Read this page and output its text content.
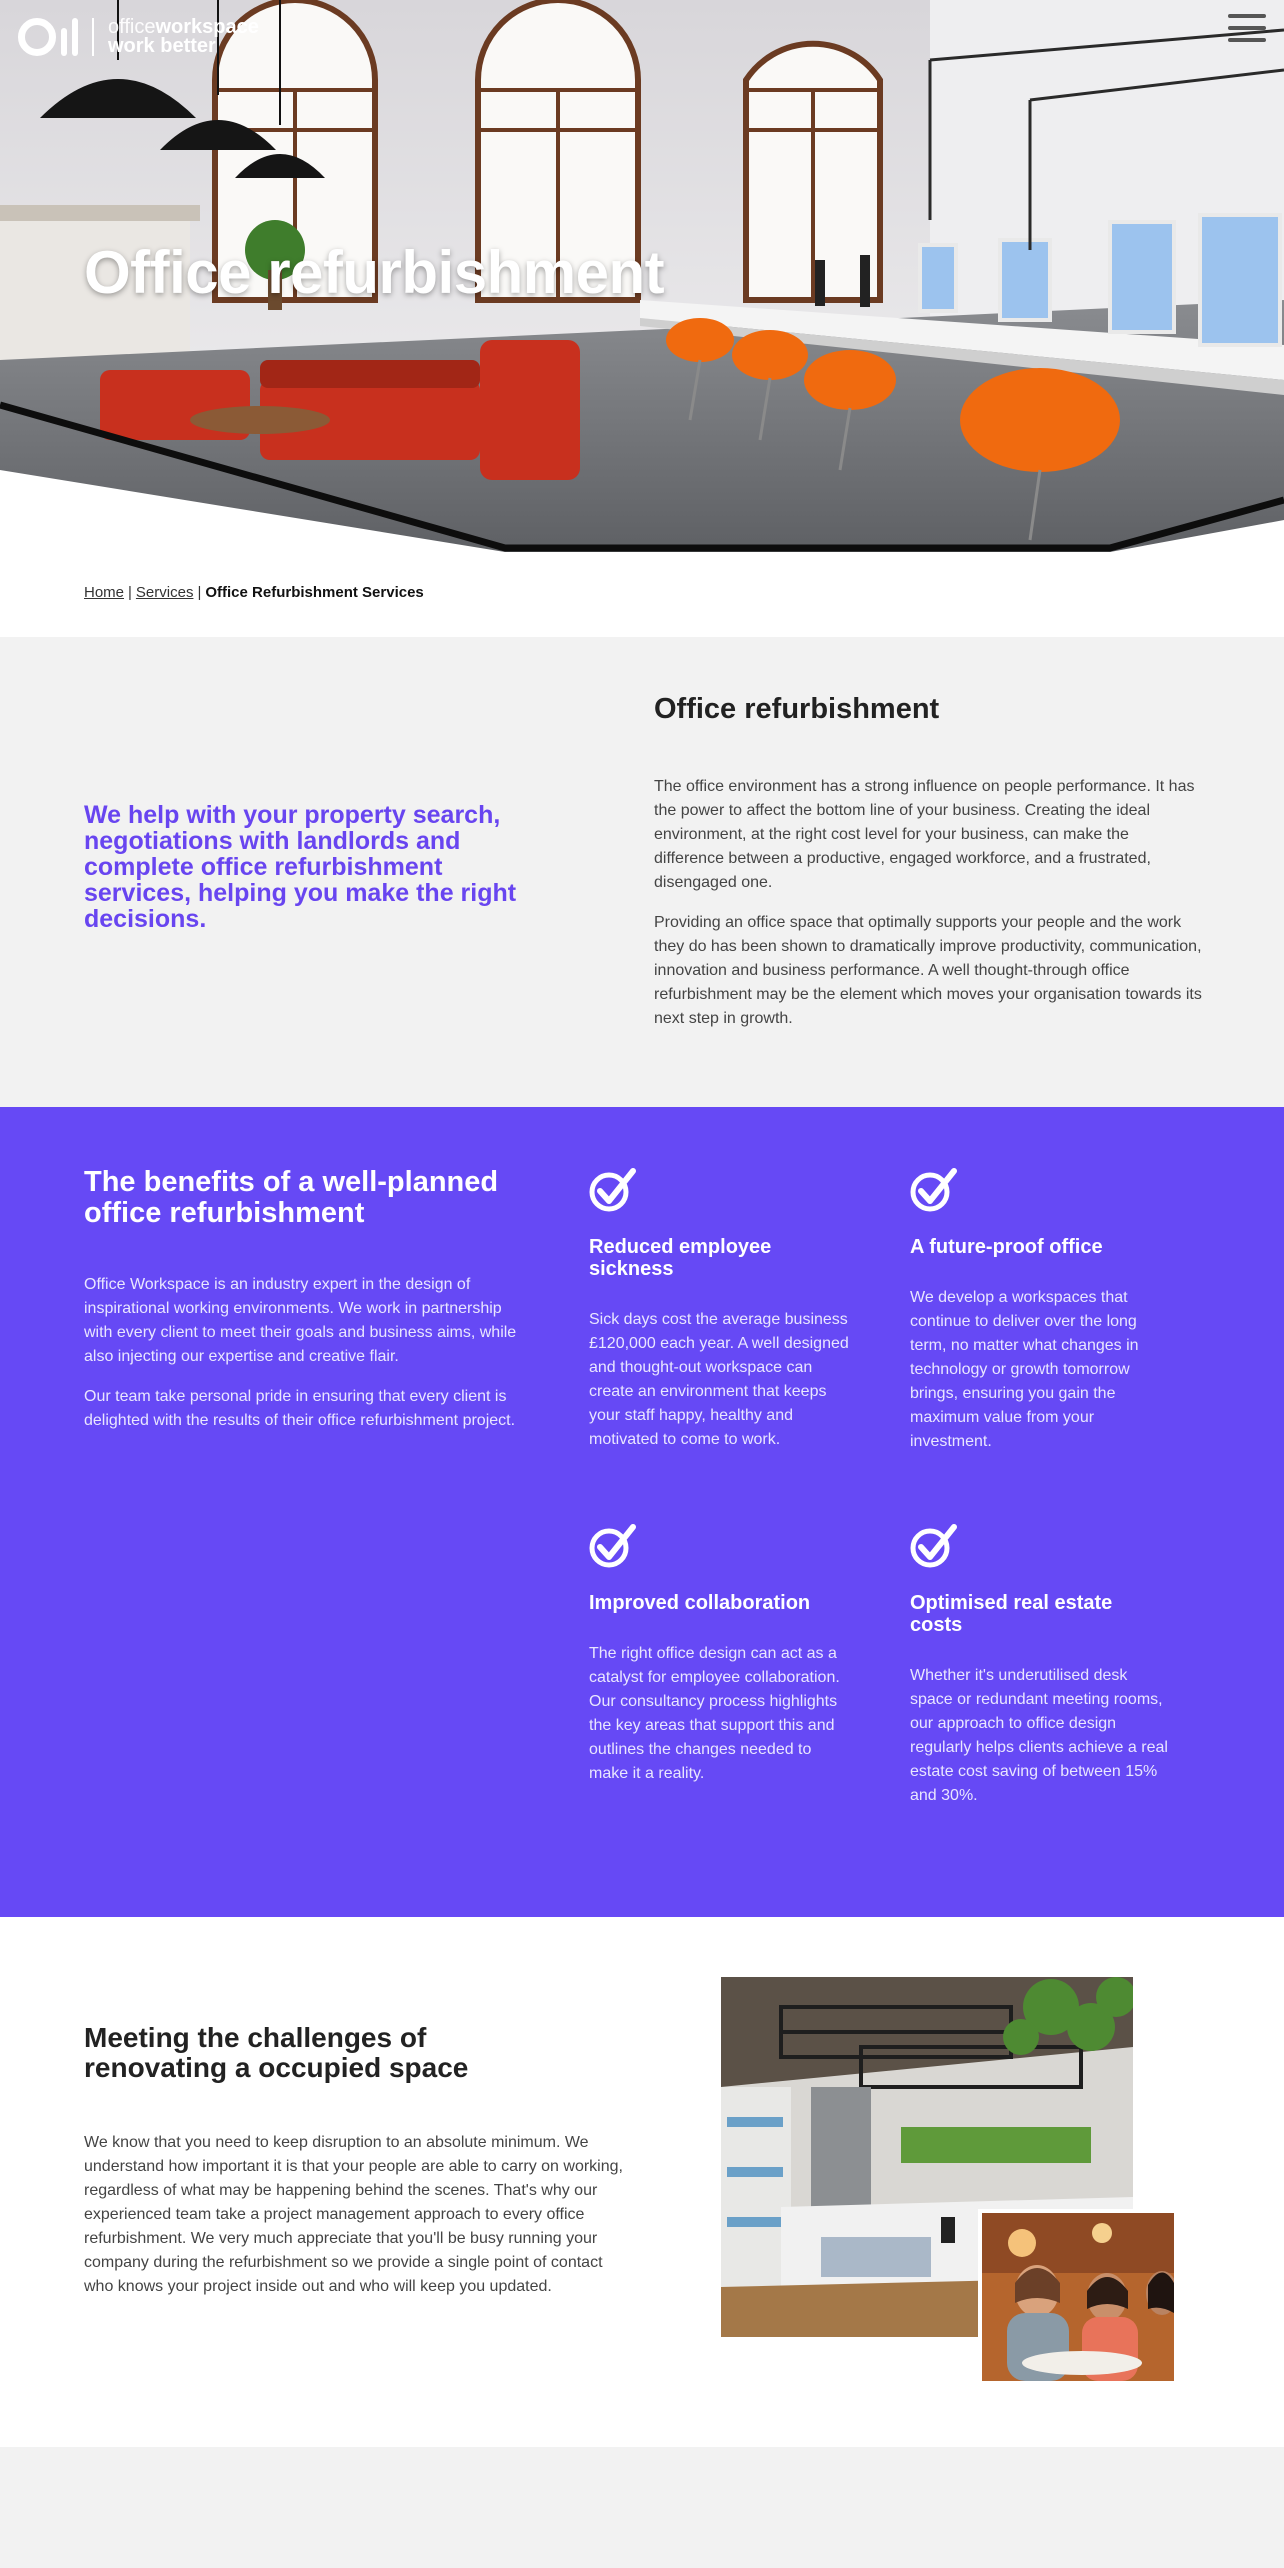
officeworkspace
work better
Office refurbishment
Home | Services | Office Refurbishment Services

We help with your property search, negotiations with landlords and complete office refurbishment services, helping you make the right decisions.

Office refurbishment

The office environment has a strong influence on people performance. It has the power to affect the bottom line of your business. Creating the ideal environment, at the right cost level for your business, can make the difference between a productive, engaged workforce, and a frustrated, disengaged one.

Providing an office space that optimally supports your people and the work they do has been shown to dramatically improve productivity, communication, innovation and business performance. A well thought-through office refurbishment may be the element which moves your organisation towards its next step in growth.

The benefits of a well-planned office refurbishment

Office Workspace is an industry expert in the design of inspirational working environments. We work in partnership with every client to meet their goals and business aims, while also injecting our expertise and creative flair.

Our team take personal pride in ensuring that every client is delighted with the results of their office refurbishment project.

Reduced employee sickness

Sick days cost the average business £120,000 each year. A well designed and thought-out workspace can create an environment that keeps your staff happy, healthy and motivated to come to work.

A future-proof office

We develop a workspaces that continue to deliver over the long term, no matter what changes in technology or growth tomorrow brings, ensuring you gain the maximum value from your investment.

Improved collaboration

The right office design can act as a catalyst for employee collaboration. Our consultancy process highlights the key areas that support this and outlines the changes needed to make it a reality.

Optimised real estate costs

Whether it's underutilised desk space or redundant meeting rooms, our approach to office design regularly helps clients achieve a real estate cost saving of between 15% and 30%.

Meeting the challenges of renovating a occupied space

We know that you need to keep disruption to an absolute minimum. We understand how important it is that your people are able to carry on working, regardless of what may be happening behind the scenes. That's why our experienced team take a project management approach to every office refurbishment. We very much appreciate that you'll be busy running your company during the refurbishment so we provide a single point of contact who knows your project inside out and who will keep you updated.
